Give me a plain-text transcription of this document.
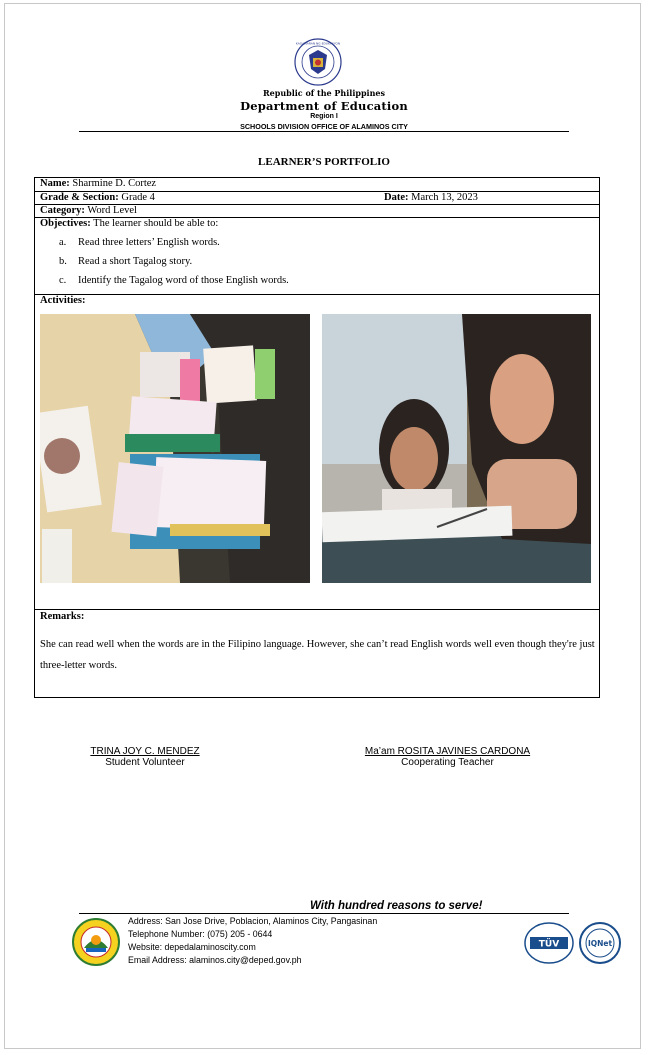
KAGAWARAN NG EDUKASYON
Republic of the Philippines
Department of Education
Region I
SCHOOLS DIVISION OFFICE OF ALAMINOS CITY
LEARNER’S PORTFOLIO
Name: Sharmine D. Cortez
Grade & Section: Grade 4	Date: March 13, 2023
Category: Word Level
Objectives: The learner should be able to:
a. Read three letters’ English words.
b. Read a short Tagalog story.
c. Identify the Tagalog word of those English words.
Activities:
Remarks:
She can read well when the words are in the Filipino language. However, she can’t read English words well even though they're just three-letter words.
TRINA JOY C. MENDEZ
Student Volunteer
Ma’am ROSITA JAVINES CARDONA
Cooperating Teacher
With hundred reasons to serve!
Address: San Jose Drive, Poblacion, Alaminos City, Pangasinan
Telephone Number: (075) 205 - 0644
Website: depedalaminoscity.com
Email Address: alaminos.city@deped.gov.ph
TÜV	IQNet
